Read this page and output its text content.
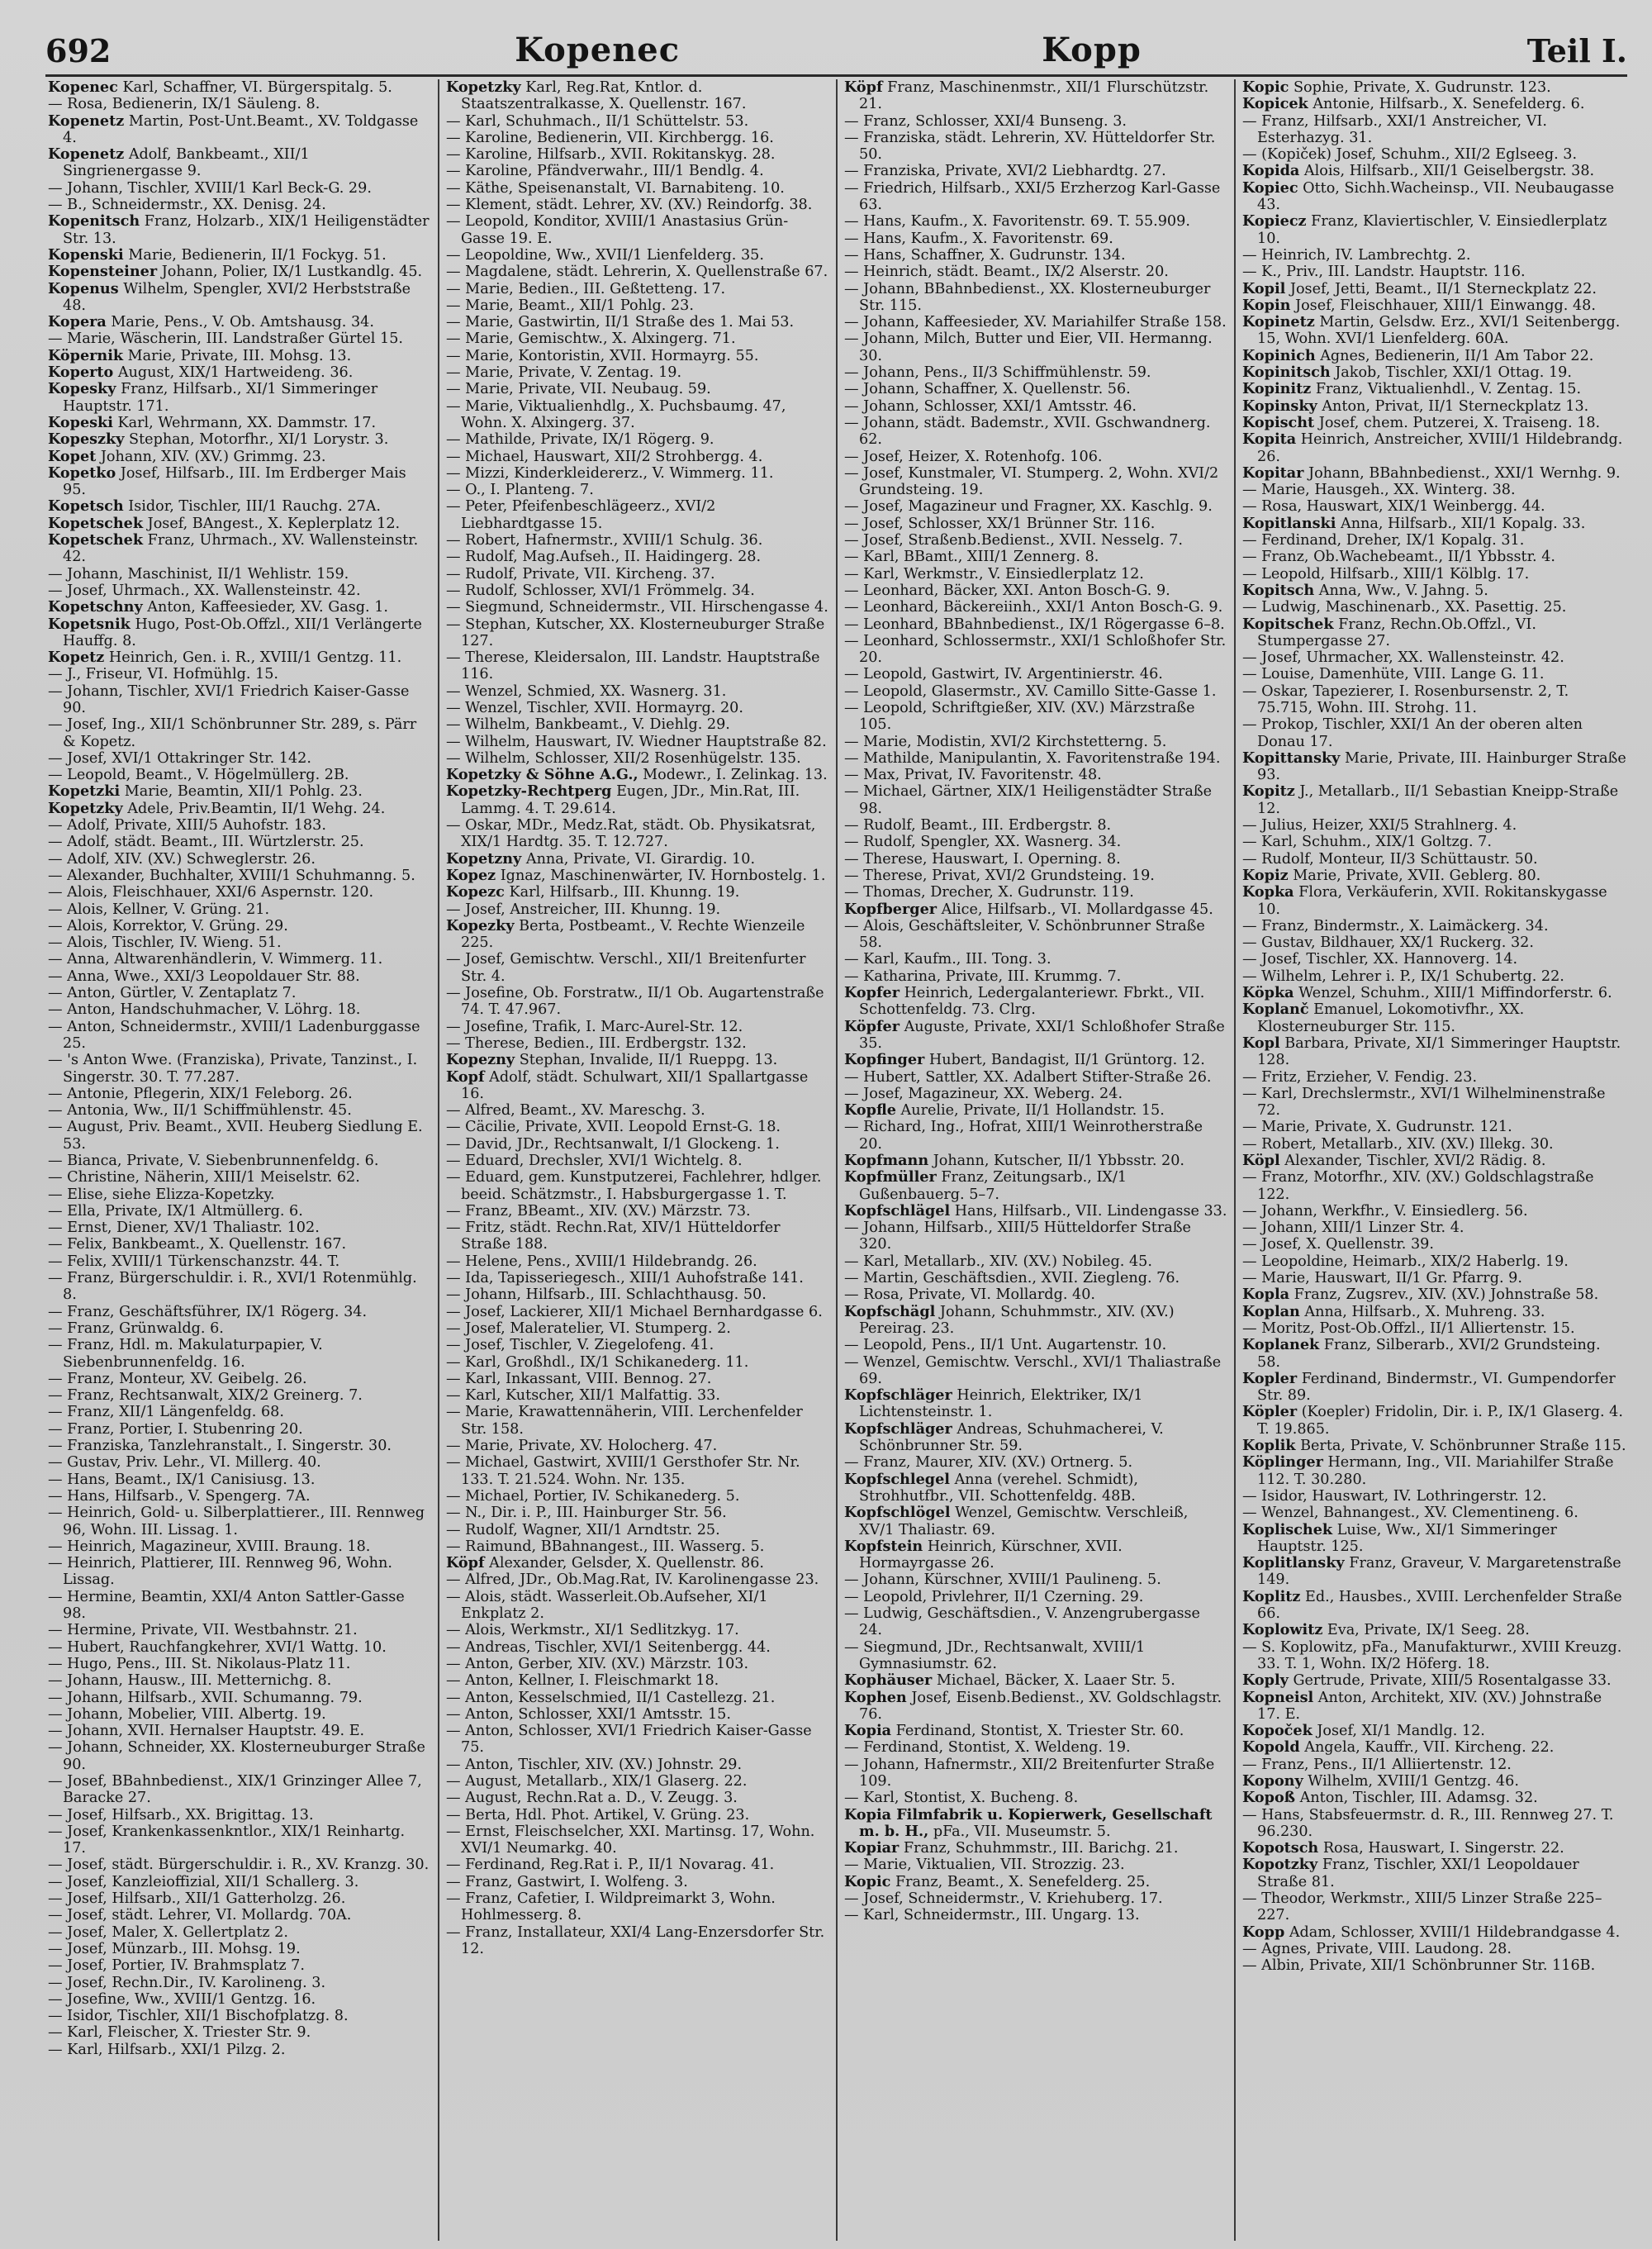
692	Kopenec	Kopp	Teil I.

Kopenec Karl, Schaffner, VI. Bürgerspitalg. 5.

— Rosa, Bedienerin, IX/1 Säuleng. 8.

Kopenetz Martin, Post-Unt.Beamt., XV. Toldgasse 4.

Kopenetz Adolf, Bankbeamt., XII/1 Singrienergasse 9.

— Johann, Tischler, XVIII/1 Karl Beck-G. 29.

— B., Schneidermstr., XX. Denisg. 24.

Kopenitsch Franz, Holzarb., XIX/1 Heiligenstädter Str. 13.

Kopenski Marie, Bedienerin, II/1 Fockyg. 51.

Kopensteiner Johann, Polier, IX/1 Lustkandlg. 45.

Kopenus Wilhelm, Spengler, XVI/2 Herbststraße 48.

Kopera Marie, Pens., V. Ob. Amtshausg. 34.

— Marie, Wäscherin, III. Landstraßer Gürtel 15.

Köpernik Marie, Private, III. Mohsg. 13.

Koperto August, XIX/1 Hartweideng. 36.

Kopesky Franz, Hilfsarb., XI/1 Simmeringer Hauptstr. 171.

Kopeski Karl, Wehrmann, XX. Dammstr. 17.

Kopeszky Stephan, Motorfhr., XI/1 Lorystr. 3.

Kopet Johann, XIV. (XV.) Grimmg. 23.

Kopetko Josef, Hilfsarb., III. Im Erdberger Mais 95.

Kopetsch Isidor, Tischler, III/1 Rauchg. 27A.

Kopetschek Josef, BAngest., X. Keplerplatz 12.

Kopetschek Franz, Uhrmach., XV. Wallensteinstr. 42.

— Johann, Maschinist, II/1 Wehlistr. 159.

— Josef, Uhrmach., XX. Wallensteinstr. 42.

Kopetschny Anton, Kaffeesieder, XV. Gasg. 1.

Kopetsnik Hugo, Post-Ob.Offzl., XII/1 Verlängerte Hauffg. 8.

Kopetz Heinrich, Gen. i. R., XVIII/1 Gentzg. 11.

— J., Friseur, VI. Hofmühlg. 15.

— Johann, Tischler, XVI/1 Friedrich Kaiser-Gasse 90.

— Josef, Ing., XII/1 Schönbrunner Str. 289, s. Pärr & Kopetz.

— Josef, XVI/1 Ottakringer Str. 142.

— Leopold, Beamt., V. Högelmüllerg. 2B.

Kopetzki Marie, Beamtin, XII/1 Pohlg. 23.

Kopetzky Adele, Priv.Beamtin, II/1 Wehg. 24.

— Adolf, Private, XIII/5 Auhofstr. 183.

— Adolf, städt. Beamt., III. Würtzlerstr. 25.

— Adolf, XIV. (XV.) Schweglerstr. 26.

— Alexander, Buchhalter, XVIII/1 Schuhmanng. 5.

— Alois, Fleischhauer, XXI/6 Aspernstr. 120.

— Alois, Kellner, V. Grüng. 21.

— Alois, Korrektor, V. Grüng. 29.

— Alois, Tischler, IV. Wieng. 51.

— Anna, Altwarenhändlerin, V. Wimmerg. 11.

— Anna, Wwe., XXI/3 Leopoldauer Str. 88.

— Anton, Gürtler, V. Zentaplatz 7.

— Anton, Handschuhmacher, V. Löhrg. 18.

— Anton, Schneidermstr., XVIII/1 Ladenburggasse 25.

— 's Anton Wwe. (Franziska), Private, Tanzinst., I. Singerstr. 30. T. 77.287.

— Antonie, Pflegerin, XIX/1 Feleborg. 26.

— Antonia, Ww., II/1 Schiffmühlenstr. 45.

— August, Priv. Beamt., XVII. Heuberg Siedlung E. 53.

— Bianca, Private, V. Siebenbrunnenfeldg. 6.

— Christine, Näherin, XIII/1 Meiselstr. 62.

— Elise, siehe Elizza-Kopetzky.

— Ella, Private, IX/1 Altmüllerg. 6.

— Ernst, Diener, XV/1 Thaliastr. 102.

— Felix, Bankbeamt., X. Quellenstr. 167.

— Felix, XVIII/1 Türkenschanzstr. 44. T.

— Franz, Bürgerschuldir. i. R., XVI/1 Rotenmühlg. 8.

— Franz, Geschäftsführer, IX/1 Rögerg. 34.

— Franz, Grünwaldg. 6.

— Franz, Hdl. m. Makulaturpapier, V. Siebenbrunnenfeldg. 16.

— Franz, Monteur, XV. Geibelg. 26.

— Franz, Rechtsanwalt, XIX/2 Greinerg. 7.

— Franz, XII/1 Längenfeldg. 68.

— Franz, Portier, I. Stubenring 20.

— Franziska, Tanzlehranstalt., I. Singerstr. 30.

— Gustav, Priv. Lehr., VI. Millerg. 40.

— Hans, Beamt., IX/1 Canisiusg. 13.

— Hans, Hilfsarb., V. Spengerg. 7A.

— Heinrich, Gold- u. Silberplattierer., III. Rennweg 96, Wohn. III. Lissag. 1.

— Heinrich, Magazineur, XVIII. Braung. 18.

— Heinrich, Plattierer, III. Rennweg 96, Wohn. Lissag.

— Hermine, Beamtin, XXI/4 Anton Sattler-Gasse 98.

— Hermine, Private, VII. Westbahnstr. 21.

— Hubert, Rauchfangkehrer, XVI/1 Wattg. 10.

— Hugo, Pens., III. St. Nikolaus-Platz 11.

— Johann, Hausw., III. Metternichg. 8.

— Johann, Hilfsarb., XVII. Schumanng. 79.

— Johann, Mobelier, VIII. Albertg. 19.

— Johann, XVII. Hernalser Hauptstr. 49. E.

— Johann, Schneider, XX. Klosterneuburger Straße 90.

— Josef, BBahnbedienst., XIX/1 Grinzinger Allee 7, Baracke 27.

— Josef, Hilfsarb., XX. Brigittag. 13.

— Josef, Krankenkassenkntlor., XIX/1 Reinhartg. 17.

— Josef, städt. Bürgerschuldir. i. R., XV. Kranzg. 30.

— Josef, Kanzleioffizial, XII/1 Schallerg. 3.

— Josef, Hilfsarb., XII/1 Gatterholzg. 26.

— Josef, städt. Lehrer, VI. Mollardg. 70A.

— Josef, Maler, X. Gellertplatz 2.

— Josef, Münzarb., III. Mohsg. 19.

— Josef, Portier, IV. Brahmsplatz 7.

— Josef, Rechn.Dir., IV. Karolineng. 3.

— Josefine, Ww., XVIII/1 Gentzg. 16.

— Isidor, Tischler, XII/1 Bischofplatzg. 8.

— Karl, Fleischer, X. Triester Str. 9.

— Karl, Hilfsarb., XXI/1 Pilzg. 2.

Kopetzky Karl, Reg.Rat, Kntlor. d. Staatszentralkasse, X. Quellenstr. 167.

— Karl, Schuhmach., II/1 Schüttelstr. 53.

— Karoline, Bedienerin, VII. Kirchbergg. 16.

— Karoline, Hilfsarb., XVII. Rokitanskyg. 28.

— Karoline, Pfändverwahr., III/1 Bendlg. 4.

— Käthe, Speisenanstalt, VI. Barnabiteng. 10.

— Klement, städt. Lehrer, XV. (XV.) Reindorfg. 38.

— Leopold, Konditor, XVIII/1 Anastasius Grün-Gasse 19. E.

— Leopoldine, Ww., XVII/1 Lienfelderg. 35.

— Magdalene, städt. Lehrerin, X. Quellenstraße 67.

— Marie, Bedien., III. Geßtetteng. 17.

— Marie, Beamt., XII/1 Pohlg. 23.

— Marie, Gastwirtin, II/1 Straße des 1. Mai 53.

— Marie, Gemischtw., X. Alxingerg. 71.

— Marie, Kontoristin, XVII. Hormayrg. 55.

— Marie, Private, V. Zentag. 19.

— Marie, Private, VII. Neubaug. 59.

— Marie, Viktualienhdlg., X. Puchsbaumg. 47, Wohn. X. Alxingerg. 37.

— Mathilde, Private, IX/1 Rögerg. 9.

— Michael, Hauswart, XII/2 Strohbergg. 4.

— Mizzi, Kinderkleidererz., V. Wimmerg. 11.

— O., I. Planteng. 7.

— Peter, Pfeifenbeschlägeerz., XVI/2 Liebhardtgasse 15.

— Robert, Hafnermstr., XVIII/1 Schulg. 36.

— Rudolf, Mag.Aufseh., II. Haidingerg. 28.

— Rudolf, Private, VII. Kircheng. 37.

— Rudolf, Schlosser, XVI/1 Frömmelg. 34.

— Siegmund, Schneidermstr., VII. Hirschengasse 4.

— Stephan, Kutscher, XX. Klosterneuburger Straße 127.

— Therese, Kleidersalon, III. Landstr. Hauptstraße 116.

— Wenzel, Schmied, XX. Wasnerg. 31.

— Wenzel, Tischler, XVII. Hormayrg. 20.

— Wilhelm, Bankbeamt., V. Diehlg. 29.

— Wilhelm, Hauswart, IV. Wiedner Hauptstraße 82.

— Wilhelm, Schlosser, XII/2 Rosenhügelstr. 135.

Kopetzky & Söhne A.G., Modewr., I. Zelinkag. 13.

Kopetzky-Rechtperg Eugen, JDr., Min.Rat, III. Lammg. 4. T. 29.614.

— Oskar, MDr., Medz.Rat, städt. Ob. Physikatsrat, XIX/1 Hardtg. 35. T. 12.727.

Kopetzny Anna, Private, VI. Girardig. 10.

Kopez Ignaz, Maschinenwärter, IV. Hornbostelg. 1.

Kopezc Karl, Hilfsarb., III. Khunng. 19.

— Josef, Anstreicher, III. Khunng. 19.

Kopezky Berta, Postbeamt., V. Rechte Wienzeile 225.

— Josef, Gemischtw. Verschl., XII/1 Breitenfurter Str. 4.

— Josefine, Ob. Forstratw., II/1 Ob. Augartenstraße 74. T. 47.967.

— Josefine, Trafik, I. Marc-Aurel-Str. 12.

— Therese, Bedien., III. Erdbergstr. 132.

Kopezny Stephan, Invalide, II/1 Rueppg. 13.

Kopf Adolf, städt. Schulwart, XII/1 Spallartgasse 16.

— Alfred, Beamt., XV. Mareschg. 3.

— Cäcilie, Private, XVII. Leopold Ernst-G. 18.

— David, JDr., Rechtsanwalt, I/1 Glockeng. 1.

— Eduard, Drechsler, XVI/1 Wichtelg. 8.

— Eduard, gem. Kunstputzerei, Fachlehrer, hdlger. beeid. Schätzmstr., I. Habsburgergasse 1. T.

— Franz, BBeamt., XIV. (XV.) Märzstr. 73.

— Fritz, städt. Rechn.Rat, XIV/1 Hütteldorfer Straße 188.

— Helene, Pens., XVIII/1 Hildebrandg. 26.

— Ida, Tapisseriegesch., XIII/1 Auhofstraße 141.

— Johann, Hilfsarb., III. Schlachthausg. 50.

— Josef, Lackierer, XII/1 Michael Bernhardgasse 6.

— Josef, Maleratelier, VI. Stumperg. 2.

— Josef, Tischler, V. Ziegelofeng. 41.

— Karl, Großhdl., IX/1 Schikanederg. 11.

— Karl, Inkassant, VIII. Bennog. 27.

— Karl, Kutscher, XII/1 Malfattig. 33.

— Marie, Krawattennäherin, VIII. Lerchenfelder Str. 158.

— Marie, Private, XV. Holocherg. 47.

— Michael, Gastwirt, XVIII/1 Gersthofer Str. Nr. 133. T. 21.524. Wohn. Nr. 135.

— Michael, Portier, IV. Schikanederg. 5.

— N., Dir. i. P., III. Hainburger Str. 56.

— Rudolf, Wagner, XII/1 Arndtstr. 25.

— Raimund, BBahnangest., III. Wasserg. 5.

Köpf Alexander, Gelsder, X. Quellenstr. 86.

— Alfred, JDr., Ob.Mag.Rat, IV. Karolinengasse 23.

— Alois, städt. Wasserleit.Ob.Aufseher, XI/1 Enkplatz 2.

— Alois, Werkmstr., XI/1 Sedlitzkyg. 17.

— Andreas, Tischler, XVI/1 Seitenbergg. 44.

— Anton, Gerber, XIV. (XV.) Märzstr. 103.

— Anton, Kellner, I. Fleischmarkt 18.

— Anton, Kesselschmied, II/1 Castellezg. 21.

— Anton, Schlosser, XXI/1 Amtsstr. 15.

— Anton, Schlosser, XVI/1 Friedrich Kaiser-Gasse 75.

— Anton, Tischler, XIV. (XV.) Johnstr. 29.

— August, Metallarb., XIX/1 Glaserg. 22.

— August, Rechn.Rat a. D., V. Zeugg. 3.

— Berta, Hdl. Phot. Artikel, V. Grüng. 23.

— Ernst, Fleischselcher, XXI. Martinsg. 17, Wohn. XVI/1 Neumarkg. 40.

— Ferdinand, Reg.Rat i. P., II/1 Novarag. 41.

— Franz, Gastwirt, I. Wolfeng. 3.

— Franz, Cafetier, I. Wildpreimarkt 3, Wohn. Hohlmesserg. 8.

— Franz, Installateur, XXI/4 Lang-Enzersdorfer Str. 12.

Köpf Franz, Maschinenmstr., XII/1 Flurschützstr. 21.

— Franz, Schlosser, XXI/4 Bunseng. 3.

— Franziska, städt. Lehrerin, XV. Hütteldorfer Str. 50.

— Franziska, Private, XVI/2 Liebhardtg. 27.

— Friedrich, Hilfsarb., XXI/5 Erzherzog Karl-Gasse 63.

— Hans, Kaufm., X. Favoritenstr. 69. T. 55.909.

— Hans, Kaufm., X. Favoritenstr. 69.

— Hans, Schaffner, X. Gudrunstr. 134.

— Heinrich, städt. Beamt., IX/2 Alserstr. 20.

— Johann, BBahnbedienst., XX. Klosterneuburger Str. 115.

— Johann, Kaffeesieder, XV. Mariahilfer Straße 158.

— Johann, Milch, Butter und Eier, VII. Hermanng. 30.

— Johann, Pens., II/3 Schiffmühlenstr. 59.

— Johann, Schaffner, X. Quellenstr. 56.

— Johann, Schlosser, XXI/1 Amtsstr. 46.

— Johann, städt. Bademstr., XVII. Gschwandnerg. 62.

— Josef, Heizer, X. Rotenhofg. 106.

— Josef, Kunstmaler, VI. Stumperg. 2, Wohn. XVI/2 Grundsteing. 19.

— Josef, Magazineur und Fragner, XX. Kaschlg. 9.

— Josef, Schlosser, XX/1 Brünner Str. 116.

— Josef, Straßenb.Bedienst., XVII. Nesselg. 7.

— Karl, BBamt., XIII/1 Zennerg. 8.

— Karl, Werkmstr., V. Einsiedlerplatz 12.

— Leonhard, Bäcker, XXI. Anton Bosch-G. 9.

— Leonhard, Bäckereiinh., XXI/1 Anton Bosch-G. 9.

— Leonhard, BBahnbedienst., IX/1 Rögergasse 6–8.

— Leonhard, Schlossermstr., XXI/1 Schloßhofer Str. 20.

— Leopold, Gastwirt, IV. Argentinierstr. 46.

— Leopold, Glasermstr., XV. Camillo Sitte-Gasse 1.

— Leopold, Schriftgießer, XIV. (XV.) Märzstraße 105.

— Marie, Modistin, XVI/2 Kirchstetterng. 5.

— Mathilde, Manipulantin, X. Favoritenstraße 194.

— Max, Privat, IV. Favoritenstr. 48.

— Michael, Gärtner, XIX/1 Heiligenstädter Straße 98.

— Rudolf, Beamt., III. Erdbergstr. 8.

— Rudolf, Spengler, XX. Wasnerg. 34.

— Therese, Hauswart, I. Operning. 8.

— Therese, Privat, XVI/2 Grundsteing. 19.

— Thomas, Drecher, X. Gudrunstr. 119.

Kopfberger Alice, Hilfsarb., VI. Mollardgasse 45.

— Alois, Geschäftsleiter, V. Schönbrunner Straße 58.

— Karl, Kaufm., III. Tong. 3.

— Katharina, Private, III. Krummg. 7.

Kopfer Heinrich, Ledergalanteriewr. Fbrkt., VII. Schottenfeldg. 73. Clrg.

Köpfer Auguste, Private, XXI/1 Schloßhofer Straße 35.

Kopfinger Hubert, Bandagist, II/1 Grüntorg. 12.

— Hubert, Sattler, XX. Adalbert Stifter-Straße 26.

— Josef, Magazineur, XX. Weberg. 24.

Kopfle Aurelie, Private, II/1 Hollandstr. 15.

— Richard, Ing., Hofrat, XIII/1 Weinrotherstraße 20.

Kopfmann Johann, Kutscher, II/1 Ybbsstr. 20.

Kopfmüller Franz, Zeitungsarb., IX/1 Gußenbauerg. 5–7.

Kopfschlägel Hans, Hilfsarb., VII. Lindengasse 33.

— Johann, Hilfsarb., XIII/5 Hütteldorfer Straße 320.

— Karl, Metallarb., XIV. (XV.) Nobileg. 45.

— Martin, Geschäftsdien., XVII. Ziegleng. 76.

— Rosa, Private, VI. Mollardg. 40.

Kopfschägl Johann, Schuhmmstr., XIV. (XV.) Pereirag. 23.

— Leopold, Pens., II/1 Unt. Augartenstr. 10.

— Wenzel, Gemischtw. Verschl., XVI/1 Thaliastraße 69.

Kopfschläger Heinrich, Elektriker, IX/1 Lichtensteinstr. 1.

Kopfschläger Andreas, Schuhmacherei, V. Schönbrunner Str. 59.

— Franz, Maurer, XIV. (XV.) Ortnerg. 5.

Kopfschlegel Anna (verehel. Schmidt), Strohhutfbr., VII. Schottenfeldg. 48B.

Kopfschlögel Wenzel, Gemischtw. Verschleiß, XV/1 Thaliastr. 69.

Kopfstein Heinrich, Kürschner, XVII. Hormayrgasse 26.

— Johann, Kürschner, XVIII/1 Paulineng. 5.

— Leopold, Privlehrer, II/1 Czerning. 29.

— Ludwig, Geschäftsdien., V. Anzengrubergasse 24.

— Siegmund, JDr., Rechtsanwalt, XVIII/1 Gymnasiumstr. 62.

Kophäuser Michael, Bäcker, X. Laaer Str. 5.

Kophen Josef, Eisenb.Bedienst., XV. Goldschlagstr. 76.

Kopia Ferdinand, Stontist, X. Triester Str. 60.

— Ferdinand, Stontist, X. Weldeng. 19.

— Johann, Hafnermstr., XII/2 Breitenfurter Straße 109.

— Karl, Stontist, X. Bucheng. 8.

Kopia Filmfabrik u. Kopierwerk, Gesellschaft m. b. H., pFa., VII. Museumstr. 5.

Kopiar Franz, Schuhmmstr., III. Barichg. 21.

— Marie, Viktualien, VII. Strozzig. 23.

Kopic Franz, Beamt., X. Senefelderg. 25.

— Josef, Schneidermstr., V. Kriehuberg. 17.

— Karl, Schneidermstr., III. Ungarg. 13.

Kopic Sophie, Private, X. Gudrunstr. 123.

Kopicek Antonie, Hilfsarb., X. Senefelderg. 6.

— Franz, Hilfsarb., XXI/1 Anstreicher, VI. Esterhazyg. 31.

— (Kopiček) Josef, Schuhm., XII/2 Eglseeg. 3.

Kopida Alois, Hilfsarb., XII/1 Geiselbergstr. 38.

Kopiec Otto, Sichh.Wacheinsp., VII. Neubaugasse 43.

Kopiecz Franz, Klaviertischler, V. Einsiedlerplatz 10.

— Heinrich, IV. Lambrechtg. 2.

— K., Priv., III. Landstr. Hauptstr. 116.

Kopil Josef, Jetti, Beamt., II/1 Sterneckplatz 22.

Kopin Josef, Fleischhauer, XIII/1 Einwangg. 48.

Kopinetz Martin, Gelsdw. Erz., XVI/1 Seitenbergg. 15, Wohn. XVI/1 Lienfelderg. 60A.

Kopinich Agnes, Bedienerin, II/1 Am Tabor 22.

Kopinitsch Jakob, Tischler, XXI/1 Ottag. 19.

Kopinitz Franz, Viktualienhdl., V. Zentag. 15.

Kopinsky Anton, Privat, II/1 Sterneckplatz 13.

Kopischt Josef, chem. Putzerei, X. Traiseng. 18.

Kopita Heinrich, Anstreicher, XVIII/1 Hildebrandg. 26.

Kopitar Johann, BBahnbedienst., XXI/1 Wernhg. 9.

— Marie, Hausgeh., XX. Winterg. 38.

— Rosa, Hauswart, XIX/1 Weinbergg. 44.

Kopitlanski Anna, Hilfsarb., XII/1 Kopalg. 33.

— Ferdinand, Dreher, IX/1 Kopalg. 31.

— Franz, Ob.Wachebeamt., II/1 Ybbsstr. 4.

— Leopold, Hilfsarb., XIII/1 Kölblg. 17.

Kopitsch Anna, Ww., V. Jahng. 5.

— Ludwig, Maschinenarb., XX. Pasettig. 25.

Kopitschek Franz, Rechn.Ob.Offzl., VI. Stumpergasse 27.

— Josef, Uhrmacher, XX. Wallensteinstr. 42.

— Louise, Damenhüte, VIII. Lange G. 11.

— Oskar, Tapezierer, I. Rosenbursenstr. 2, T. 75.715, Wohn. III. Strohg. 11.

— Prokop, Tischler, XXI/1 An der oberen alten Donau 17.

Kopittansky Marie, Private, III. Hainburger Straße 93.

Kopitz J., Metallarb., II/1 Sebastian Kneipp-Straße 12.

— Julius, Heizer, XXI/5 Strahlnerg. 4.

— Karl, Schuhm., XIX/1 Goltzg. 7.

— Rudolf, Monteur, II/3 Schüttaustr. 50.

Kopiz Marie, Private, XVII. Geblerg. 80.

Kopka Flora, Verkäuferin, XVII. Rokitanskygasse 10.

— Franz, Bindermstr., X. Laimäckerg. 34.

— Gustav, Bildhauer, XX/1 Ruckerg. 32.

— Josef, Tischler, XX. Hannoverg. 14.

— Wilhelm, Lehrer i. P., IX/1 Schubertg. 22.

Köpka Wenzel, Schuhm., XIII/1 Miffindorferstr. 6.

Koplanč Emanuel, Lokomotivfhr., XX. Klosterneuburger Str. 115.

Kopl Barbara, Private, XI/1 Simmeringer Hauptstr. 128.

— Fritz, Erzieher, V. Fendig. 23.

— Karl, Drechslermstr., XVI/1 Wilhelminenstraße 72.

— Marie, Private, X. Gudrunstr. 121.

— Robert, Metallarb., XIV. (XV.) Illekg. 30.

Köpl Alexander, Tischler, XVI/2 Rädig. 8.

— Franz, Motorfhr., XIV. (XV.) Goldschlagstraße 122.

— Johann, Werkfhr., V. Einsiedlerg. 56.

— Johann, XIII/1 Linzer Str. 4.

— Josef, X. Quellenstr. 39.

— Leopoldine, Heimarb., XIX/2 Haberlg. 19.

— Marie, Hauswart, II/1 Gr. Pfarrg. 9.

Kopla Franz, Zugsrev., XIV. (XV.) Johnstraße 58.

Koplan Anna, Hilfsarb., X. Muhreng. 33.

— Moritz, Post-Ob.Offzl., II/1 Alliertenstr. 15.

Koplanek Franz, Silberarb., XVI/2 Grundsteing. 58.

Kopler Ferdinand, Bindermstr., VI. Gumpendorfer Str. 89.

Köpler (Koepler) Fridolin, Dir. i. P., IX/1 Glaserg. 4. T. 19.865.

Koplik Berta, Private, V. Schönbrunner Straße 115.

Köplinger Hermann, Ing., VII. Mariahilfer Straße 112. T. 30.280.

— Isidor, Hauswart, IV. Lothringerstr. 12.

— Wenzel, Bahnangest., XV. Clementineng. 6.

Koplischek Luise, Ww., XI/1 Simmeringer Hauptstr. 125.

Koplitlansky Franz, Graveur, V. Margaretenstraße 149.

Koplitz Ed., Hausbes., XVIII. Lerchenfelder Straße 66.

Koplowitz Eva, Private, IX/1 Seeg. 28.

— S. Koplowitz, pFa., Manufakturwr., XVIII Kreuzg. 33. T. 1, Wohn. IX/2 Höferg. 18.

Koply Gertrude, Private, XIII/5 Rosentalgasse 33.

Kopneisl Anton, Architekt, XIV. (XV.) Johnstraße 17. E.

Kopoček Josef, XI/1 Mandlg. 12.

Kopold Angela, Kauffr., VII. Kircheng. 22.

— Franz, Pens., II/1 Alliiertenstr. 12.

Kopony Wilhelm, XVIII/1 Gentzg. 46.

Kopoß Anton, Tischler, III. Adamsg. 32.

— Hans, Stabsfeuermstr. d. R., III. Rennweg 27. T. 96.230.

Kopotsch Rosa, Hauswart, I. Singerstr. 22.

Kopotzky Franz, Tischler, XXI/1 Leopoldauer Straße 81.

— Theodor, Werkmstr., XIII/5 Linzer Straße 225–227.

Kopp Adam, Schlosser, XVIII/1 Hildebrandgasse 4.

— Agnes, Private, VIII. Laudong. 28.

— Albin, Private, XII/1 Schönbrunner Str. 116B.
